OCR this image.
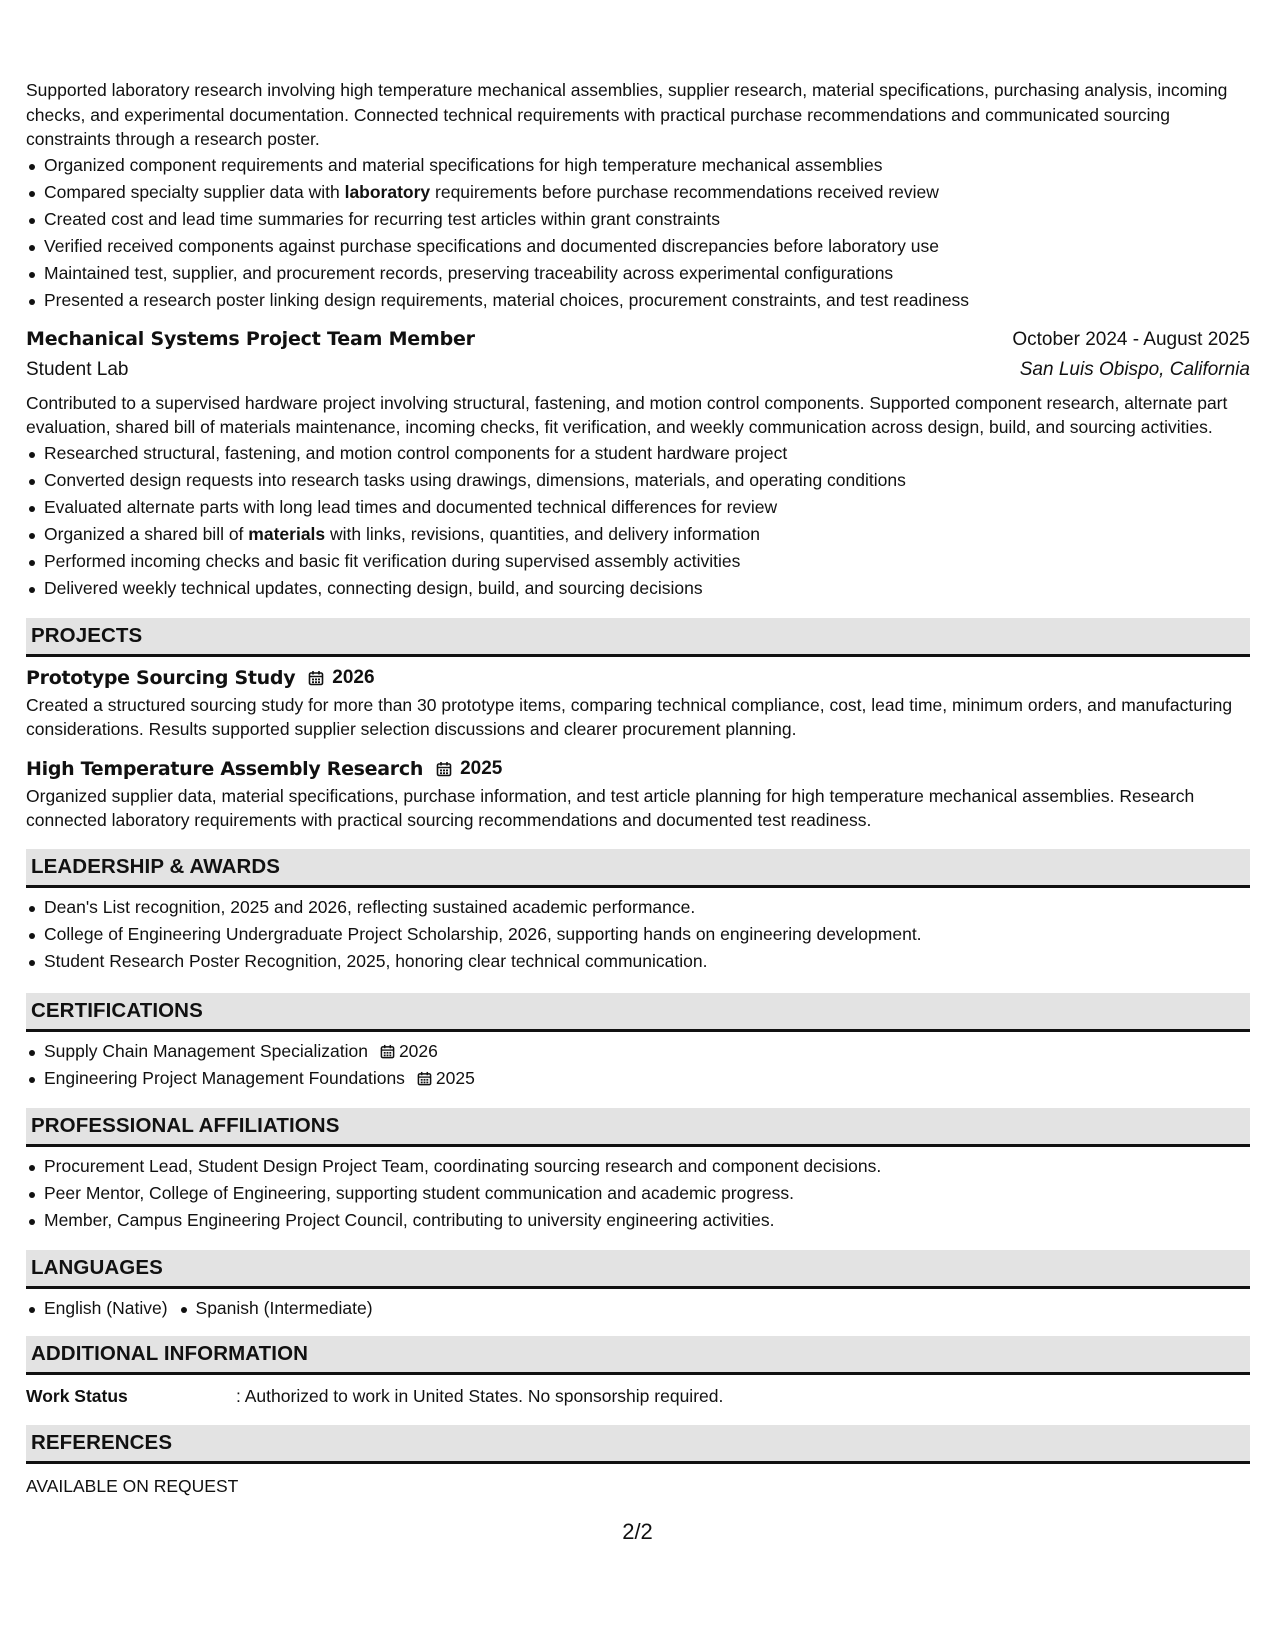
Supported laboratory research involving high temperature mechanical assemblies, supplier research, material specifications, purchasing analysis, incoming checks, and experimental documentation. Connected technical requirements with practical purchase recommendations and communicated sourcing constraints through a research poster.

Organized component requirements and material specifications for high temperature mechanical assemblies
Compared specialty supplier data with laboratory requirements before purchase recommendations received review
Created cost and lead time summaries for recurring test articles within grant constraints
Verified received components against purchase specifications and documented discrepancies before laboratory use
Maintained test, supplier, and procurement records, preserving traceability across experimental configurations
Presented a research poster linking design requirements, material choices, procurement constraints, and test readiness
Mechanical Systems Project Team Member	October 2024 - August 2025
Student Lab	San Luis Obispo, California

Contributed to a supervised hardware project involving structural, fastening, and motion control components. Supported component research, alternate part evaluation, shared bill of materials maintenance, incoming checks, fit verification, and weekly communication across design, build, and sourcing activities.

Researched structural, fastening, and motion control components for a student hardware project
Converted design requests into research tasks using drawings, dimensions, materials, and operating conditions
Evaluated alternate parts with long lead times and documented technical differences for review
Organized a shared bill of materials with links, revisions, quantities, and delivery information
Performed incoming checks and basic fit verification during supervised assembly activities
Delivered weekly technical updates, connecting design, build, and sourcing decisions
PROJECTS
Prototype Sourcing Study 2026

Created a structured sourcing study for more than 30 prototype items, comparing technical compliance, cost, lead time, minimum orders, and manufacturing considerations. Results supported supplier selection discussions and clearer procurement planning.

High Temperature Assembly Research 2025

Organized supplier data, material specifications, purchase information, and test article planning for high temperature mechanical assemblies. Research connected laboratory requirements with practical sourcing recommendations and documented test readiness.

LEADERSHIP & AWARDS
Dean's List recognition, 2025 and 2026, reflecting sustained academic performance.
College of Engineering Undergraduate Project Scholarship, 2026, supporting hands on engineering development.
Student Research Poster Recognition, 2025, honoring clear technical communication.
CERTIFICATIONS
Supply Chain Management Specialization 2026
Engineering Project Management Foundations 2025
PROFESSIONAL AFFILIATIONS
Procurement Lead, Student Design Project Team, coordinating sourcing research and component decisions.
Peer Mentor, College of Engineering, supporting student communication and academic progress.
Member, Campus Engineering Project Council, contributing to university engineering activities.
LANGUAGES
English (Native) Spanish (Intermediate)
ADDITIONAL INFORMATION
Work Status	: Authorized to work in United States. No sponsorship required.
REFERENCES

AVAILABLE ON REQUEST

2/2
